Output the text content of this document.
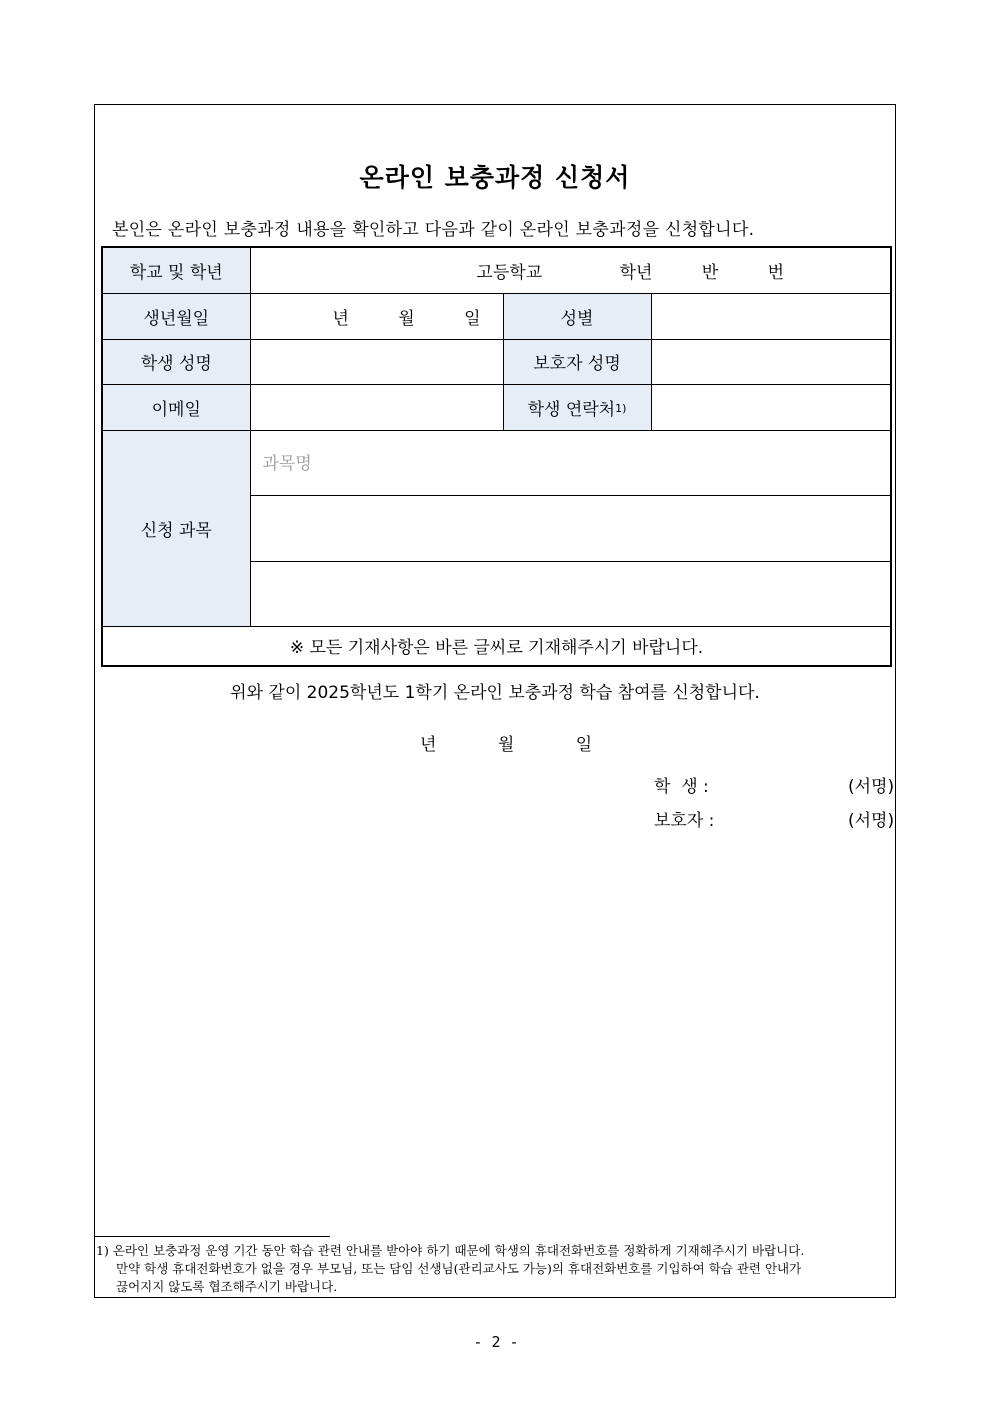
온라인 보충과정 신청서
본인은 온라인 보충과정 내용을 확인하고 다음과 같이 온라인 보충과정을 신청합니다.
학교 및 학년	고등학교 학년 반 번		
생년월일	년 월 일	성별	
학생 성명		보호자 성명	
이메일		학생 연락처$^{1)}$	
신청 과목	과목명		

※ 모든 기재사항은 바른 글씨로 기재해주시기 바랍니다.			
위와 같이 2025학년도 1학기 온라인 보충과정 학습 참여를 신청합니다.
년	월	일
학  생 :	(서명)
보호자 :	(서명)
1) 온라인 보충과정 운영 기간 동안 학습 관련 안내를 받아야 하기 때문에 학생의 휴대전화번호를 정확하게 기재해주시기 바랍니다.
만약 학생 휴대전화번호가 없을 경우 부모님, 또는 담임 선생님(관리교사도 가능)의 휴대전화번호를 기입하여 학습 관련 안내가
끊어지지 않도록 협조해주시기 바랍니다.
- 2 -
